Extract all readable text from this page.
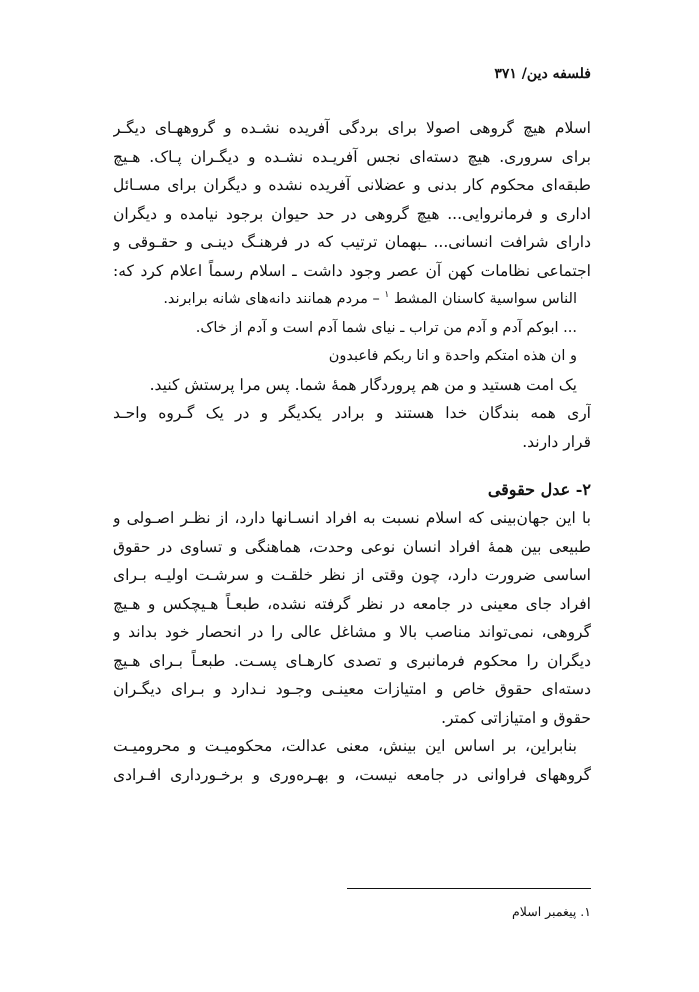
فلسفه دین/ ۳۷۱
اسلام هیچ گروهی اصولا برای بردگی آفریده نشـده و گروههـای دیگـر
برای سروری. هیچ دسته‌ای نجس آفریـده نشـده و دیگـران پـاک. هـیچ
طبقه‌ای محکوم کار بدنی و عضلانی آفریده نشده و دیگران برای مسـائل
اداری و فرمانروایی... هیچ گروهی در حد حیوان برجود نیامده و دیگران
دارای شرافت انسانی... ـبهمان ترتیب که در فرهنـگ دینـی و حقـوقی و
اجتماعی نظامات کهن آن عصر وجود داشت ـ اسلام رسماً اعلام کرد که:
الناس سواسیة کاسنان المشط $^۱$ – مردم همانند دانه‌های شانه برابرند.
... ابوکم آدم و آدم من تراب ـ نیای شما آدم است و آدم از خاک.
و ان هذه امتکم واحدة و انا ربکم فاعبدون
یک امت هستید و من هم پروردگار همهٔ شما. پس مرا پرستش کنید.
آری همه بندگان خدا هستند و برادر یکدیگر و در یک گـروه واحـد
قرار دارند.
۲- عدل حقوقی
با این جهان‌بینی که اسلام نسبت به افراد انسـانها دارد، از نظـر اصـولی و
طبیعی بین همهٔ افراد انسان نوعی وحدت، هماهنگی و تساوی در حقوق
اساسی ضرورت دارد، چون وقتی از نظر خلقـت و سرشـت اولیـه بـرای
افراد جای معینی در جامعه در نظر گرفته نشده، طبعـاً هـیچکس و هـیچ
گروهی، نمی‌تواند مناصب بالا و مشاغل عالی را در انحصار خود بداند و
دیگران را محکوم فرمانبری و تصدی کارهـای پسـت. طبعـاً بـرای هـیچ
دسته‌ای حقوق خاص و امتیازات معینـی وجـود نـدارد و بـرای دیگـران
حقوق و امتیازاتی کمتر.
بنابراین، بر اساس این بینش، معنی عدالت، محکومیـت و محرومیـت
گروههای فراوانی در جامعه نیست، و بهـره‌وری و برخـورداری افـرادی
۱. پیغمبر اسلام
